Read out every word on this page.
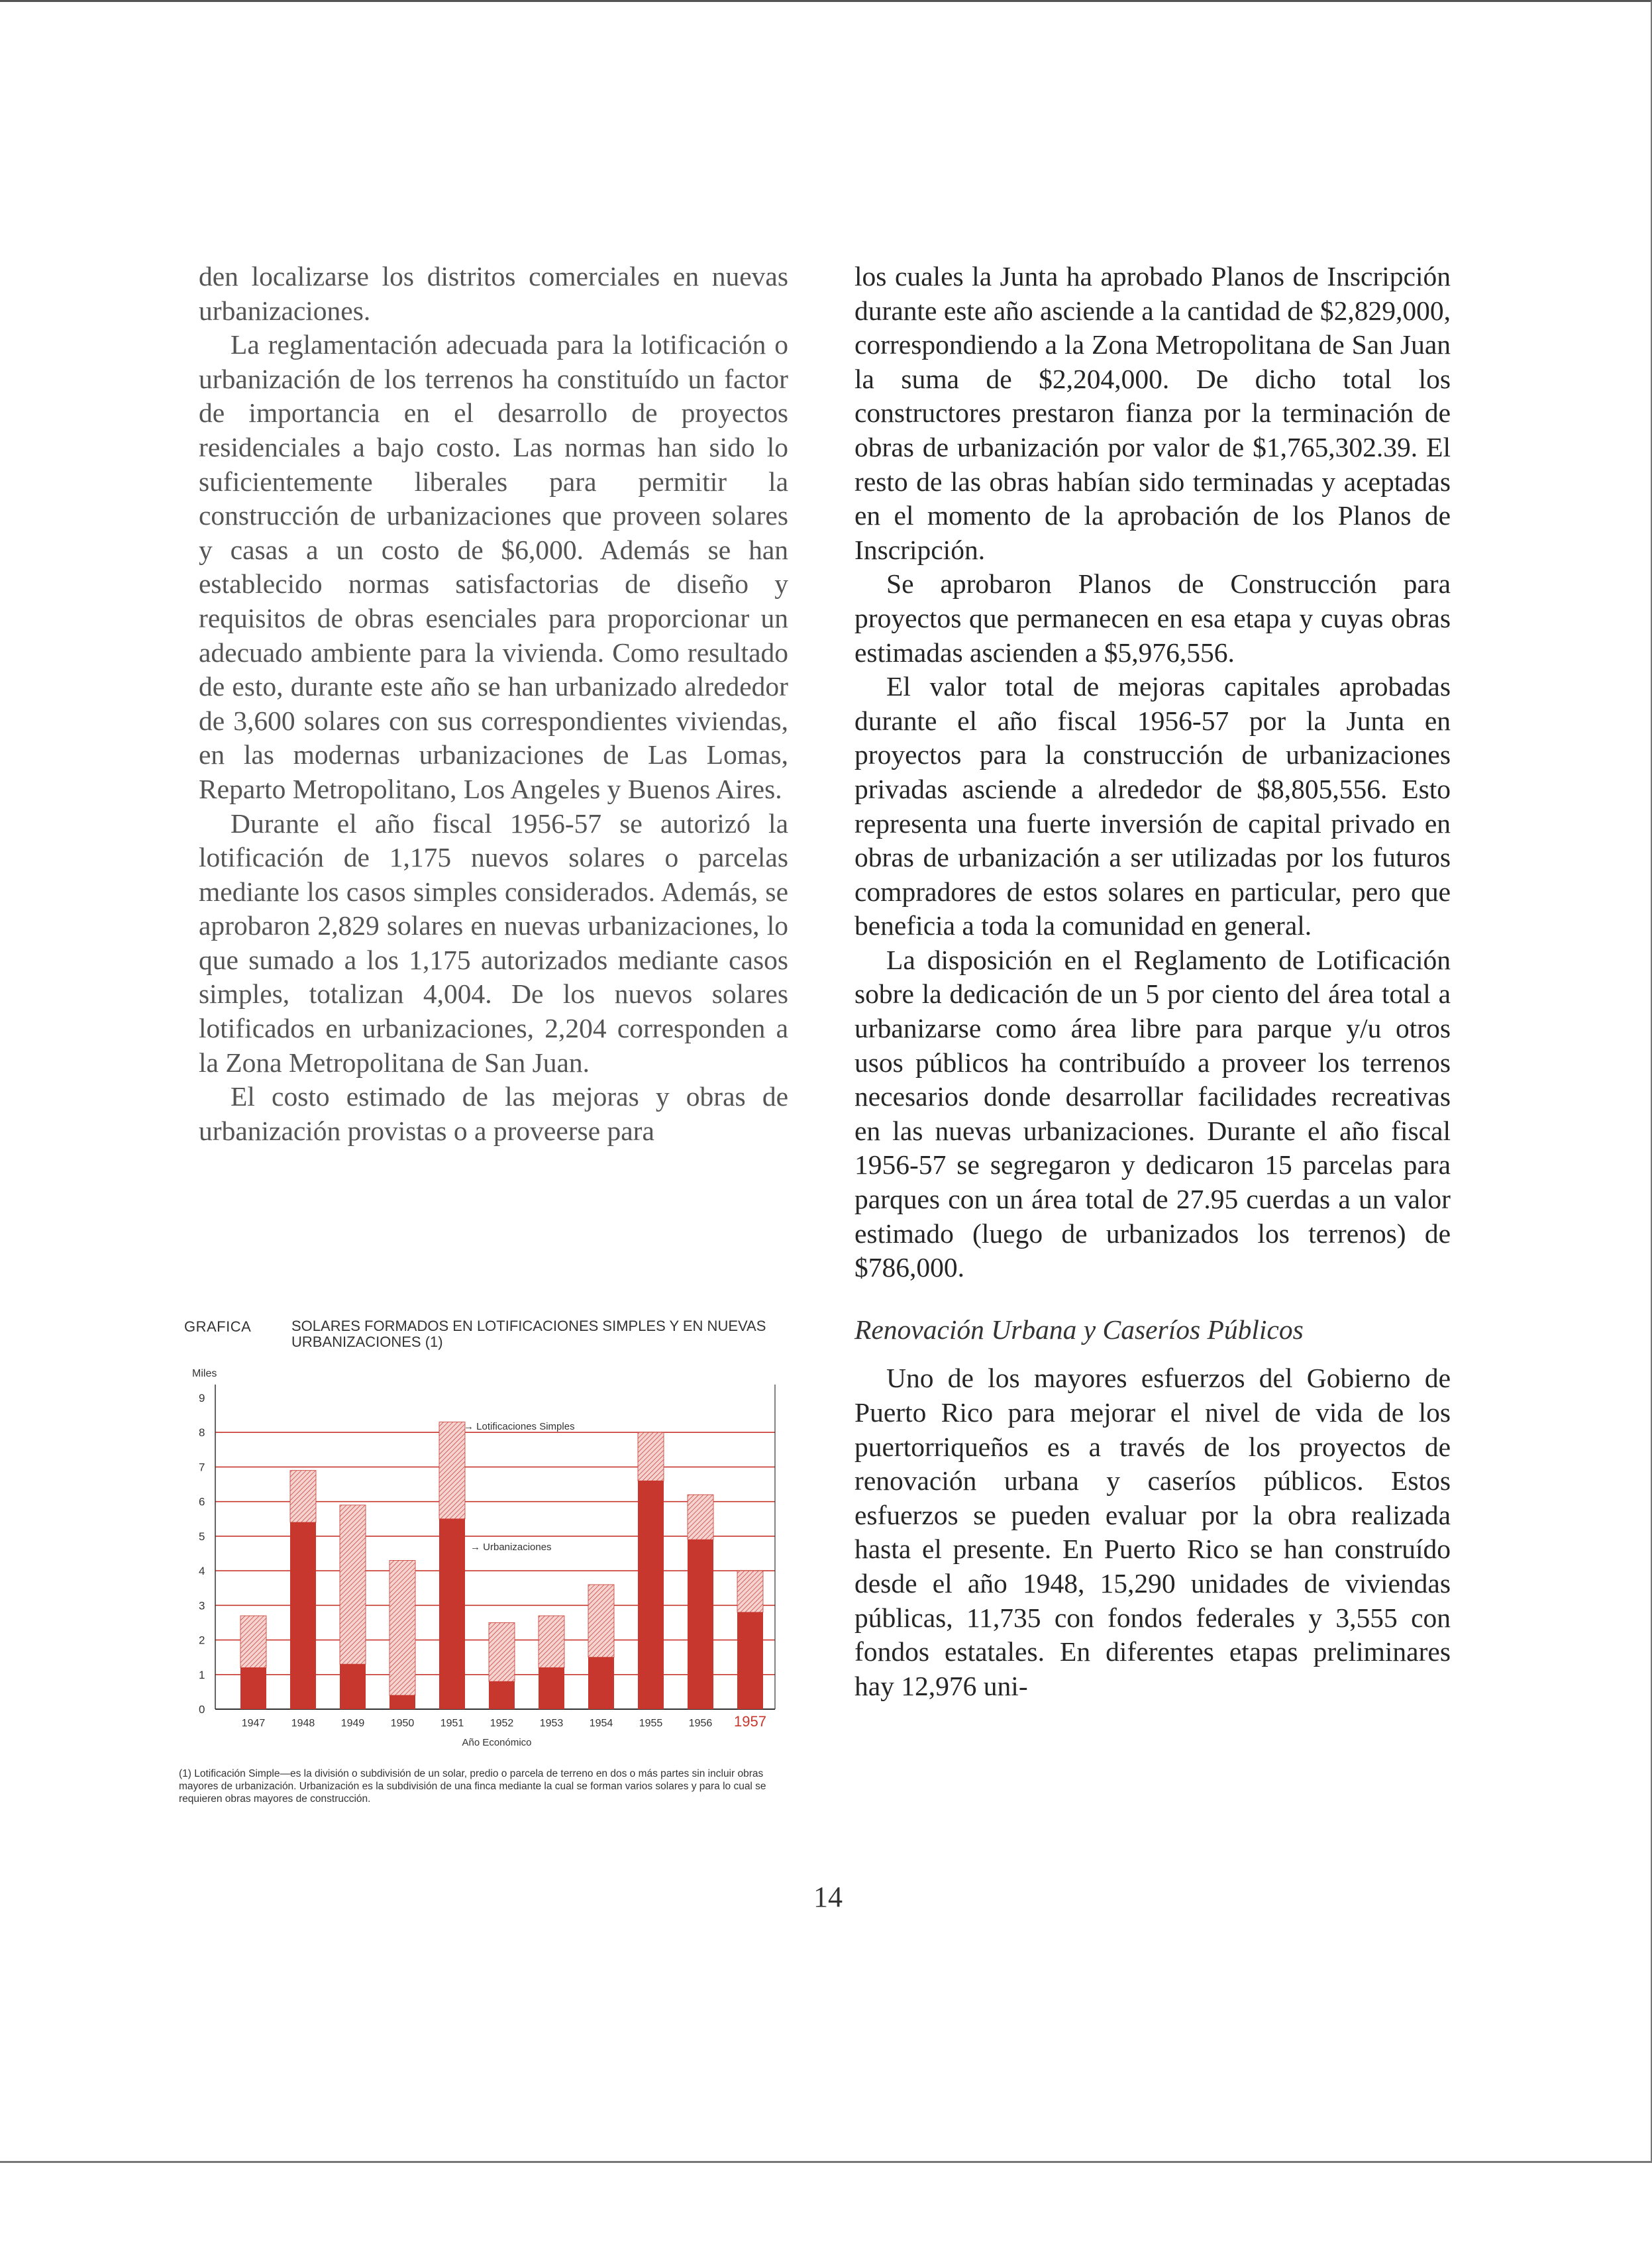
den localizarse los distritos comerciales en nuevas urbanizaciones.

La reglamentación adecuada para la lotificación o urbanización de los terrenos ha constituído un factor de importancia en el desarrollo de proyectos residenciales a bajo costo. Las normas han sido lo suficientemente liberales para permitir la construcción de urbanizaciones que proveen solares y casas a un costo de $6,000. Además se han establecido normas satisfactorias de diseño y requisitos de obras esenciales para proporcionar un adecuado ambiente para la vivienda. Como resultado de esto, durante este año se han urbanizado alrededor de 3,600 solares con sus correspondientes viviendas, en las modernas urbanizaciones de Las Lomas, Reparto Metropolitano, Los Angeles y Buenos Aires.

Durante el año fiscal 1956-57 se autorizó la lotificación de 1,175 nuevos solares o parcelas mediante los casos simples considerados. Además, se aprobaron 2,829 solares en nuevas urbanizaciones, lo que sumado a los 1,175 autorizados mediante casos simples, totalizan 4,004. De los nuevos solares lotificados en urbanizaciones, 2,204 corresponden a la Zona Metropolitana de San Juan.

El costo estimado de las mejoras y obras de urbanización provistas o a proveerse para

los cuales la Junta ha aprobado Planos de Inscripción durante este año asciende a la cantidad de $2,829,000, correspondiendo a la Zona Metropolitana de San Juan la suma de $2,204,000. De dicho total los constructores prestaron fianza por la terminación de obras de urbanización por valor de $1,765,302.39. El resto de las obras habían sido terminadas y aceptadas en el momento de la aprobación de los Planos de Inscripción.

Se aprobaron Planos de Construcción para proyectos que permanecen en esa etapa y cuyas obras estimadas ascienden a $5,976,556.

El valor total de mejoras capitales aprobadas durante el año fiscal 1956-57 por la Junta en proyectos para la construcción de urbanizaciones privadas asciende a alrededor de $8,805,556. Esto representa una fuerte inversión de capital privado en obras de urbanización a ser utilizadas por los futuros compradores de estos solares en particular, pero que beneficia a toda la comunidad en general.

La disposición en el Reglamento de Lotificación sobre la dedicación de un 5 por ciento del área total a urbanizarse como área libre para parque y/u otros usos públicos ha contribuído a proveer los terrenos necesarios donde desarrollar facilidades recreativas en las nuevas urbanizaciones. Durante el año fiscal 1956-57 se segregaron y dedicaron 15 parcelas para parques con un área total de 27.95 cuerdas a un valor estimado (luego de urbanizados los terrenos) de $786,000.

Renovación Urbana y Caseríos Públicos

Uno de los mayores esfuerzos del Gobierno de Puerto Rico para mejorar el nivel de vida de los puertorriqueños es a través de los proyectos de renovación urbana y caseríos públicos. Estos esfuerzos se pueden evaluar por la obra realizada hasta el presente. En Puerto Rico se han construído desde el año 1948, 15,290 unidades de viviendas públicas, 11,735 con fondos federales y 3,555 con fondos estatales. En diferentes etapas preliminares hay 12,976 uni-

GRAFICA	SOLARES FORMADOS EN LOTIFICACIONES SIMPLES Y EN NUEVAS URBANIZACIONES (1)
Miles
0
1
2
3
4
5
6
7
8
9
1947 1948 1949 1950 1951 1952 1953 1954 1955 1956 1957
→ Lotificaciones Simples
→ Urbanizaciones
Año Económico
(1) Lotificación Simple—es la división o subdivisión de un solar, predio o parcela de terreno en dos o más partes sin incluir obras mayores de urbanización. Urbanización es la subdivisión de una finca mediante la cual se forman varios solares y para lo cual se requieren obras mayores de construcción.
14
